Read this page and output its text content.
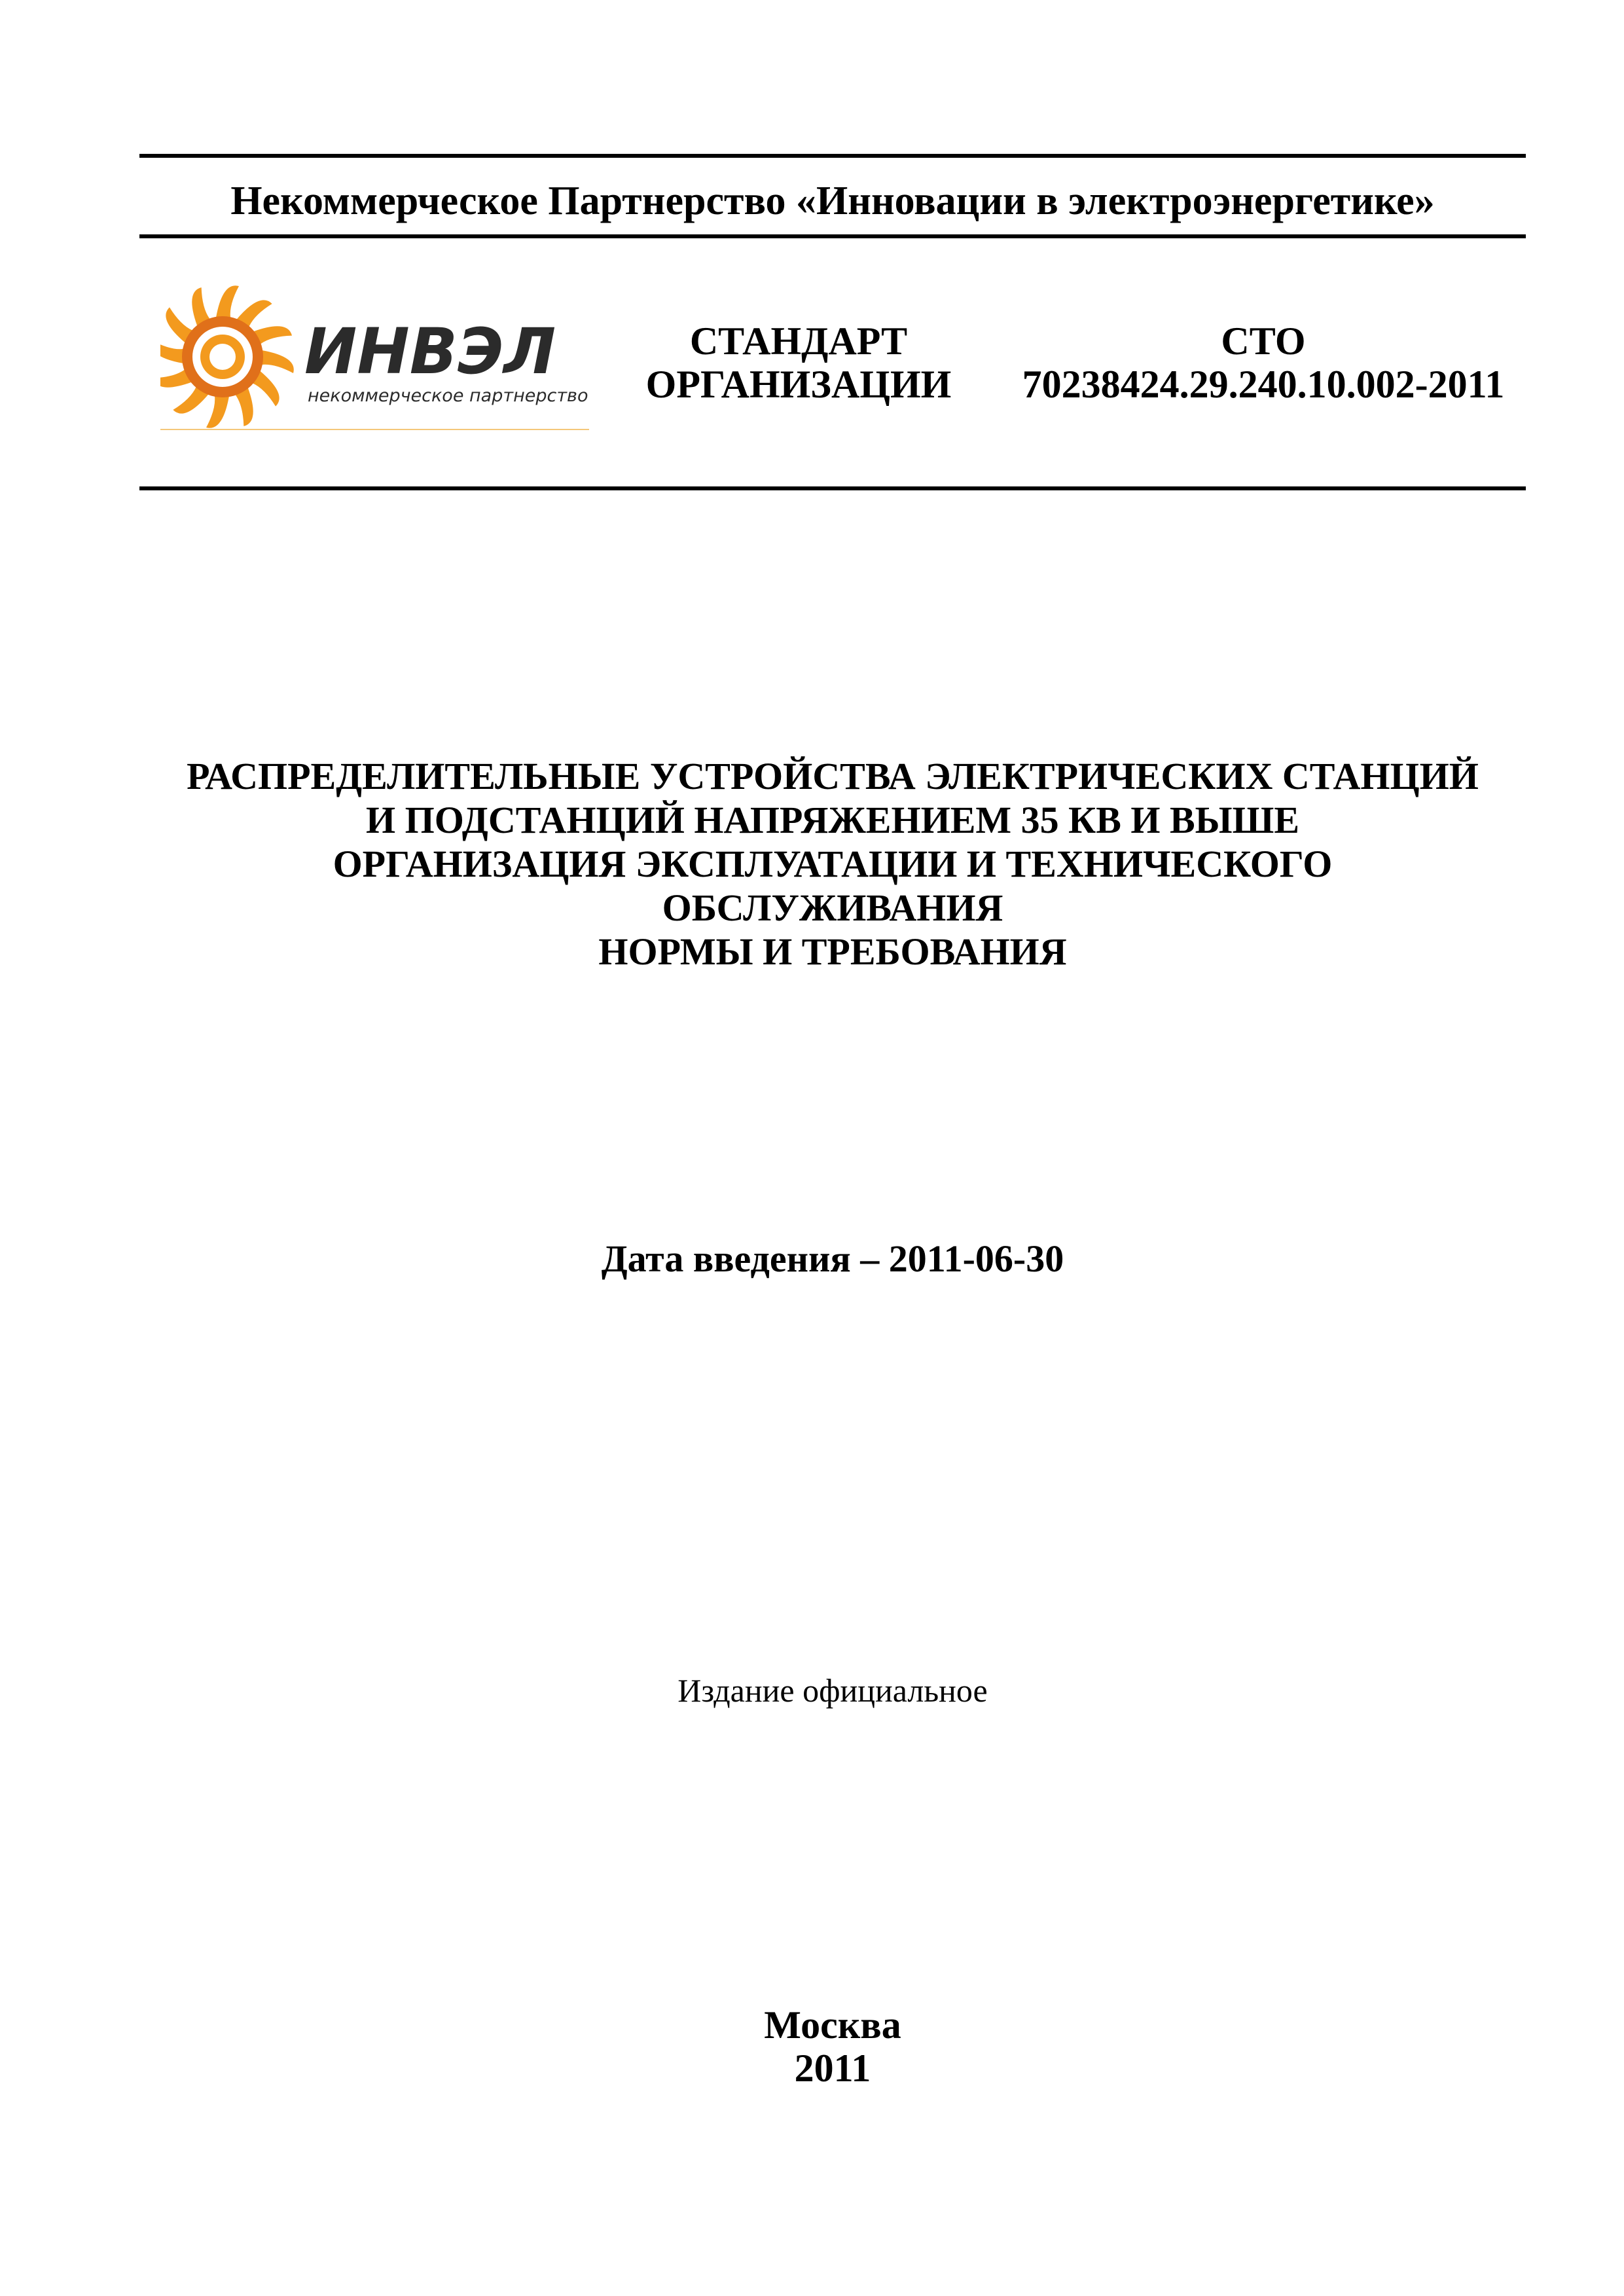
Некоммерческое Партнерство «Инновации в электроэнергетике»
ИНВЭЛ
некоммерческое партнерство
СТАНДАРТ
ОРГАНИЗАЦИИ
СТО
70238424.29.240.10.002-2011
РАСПРЕДЕЛИТЕЛЬНЫЕ УСТРОЙСТВА ЭЛЕКТРИЧЕСКИХ СТАНЦИЙ
И ПОДСТАНЦИЙ НАПРЯЖЕНИЕМ 35 КВ И ВЫШЕ
ОРГАНИЗАЦИЯ ЭКСПЛУАТАЦИИ И ТЕХНИЧЕСКОГО
ОБСЛУЖИВАНИЯ
НОРМЫ И ТРЕБОВАНИЯ
Дата введения – 2011-06-30
Издание официальное
Москва
2011
